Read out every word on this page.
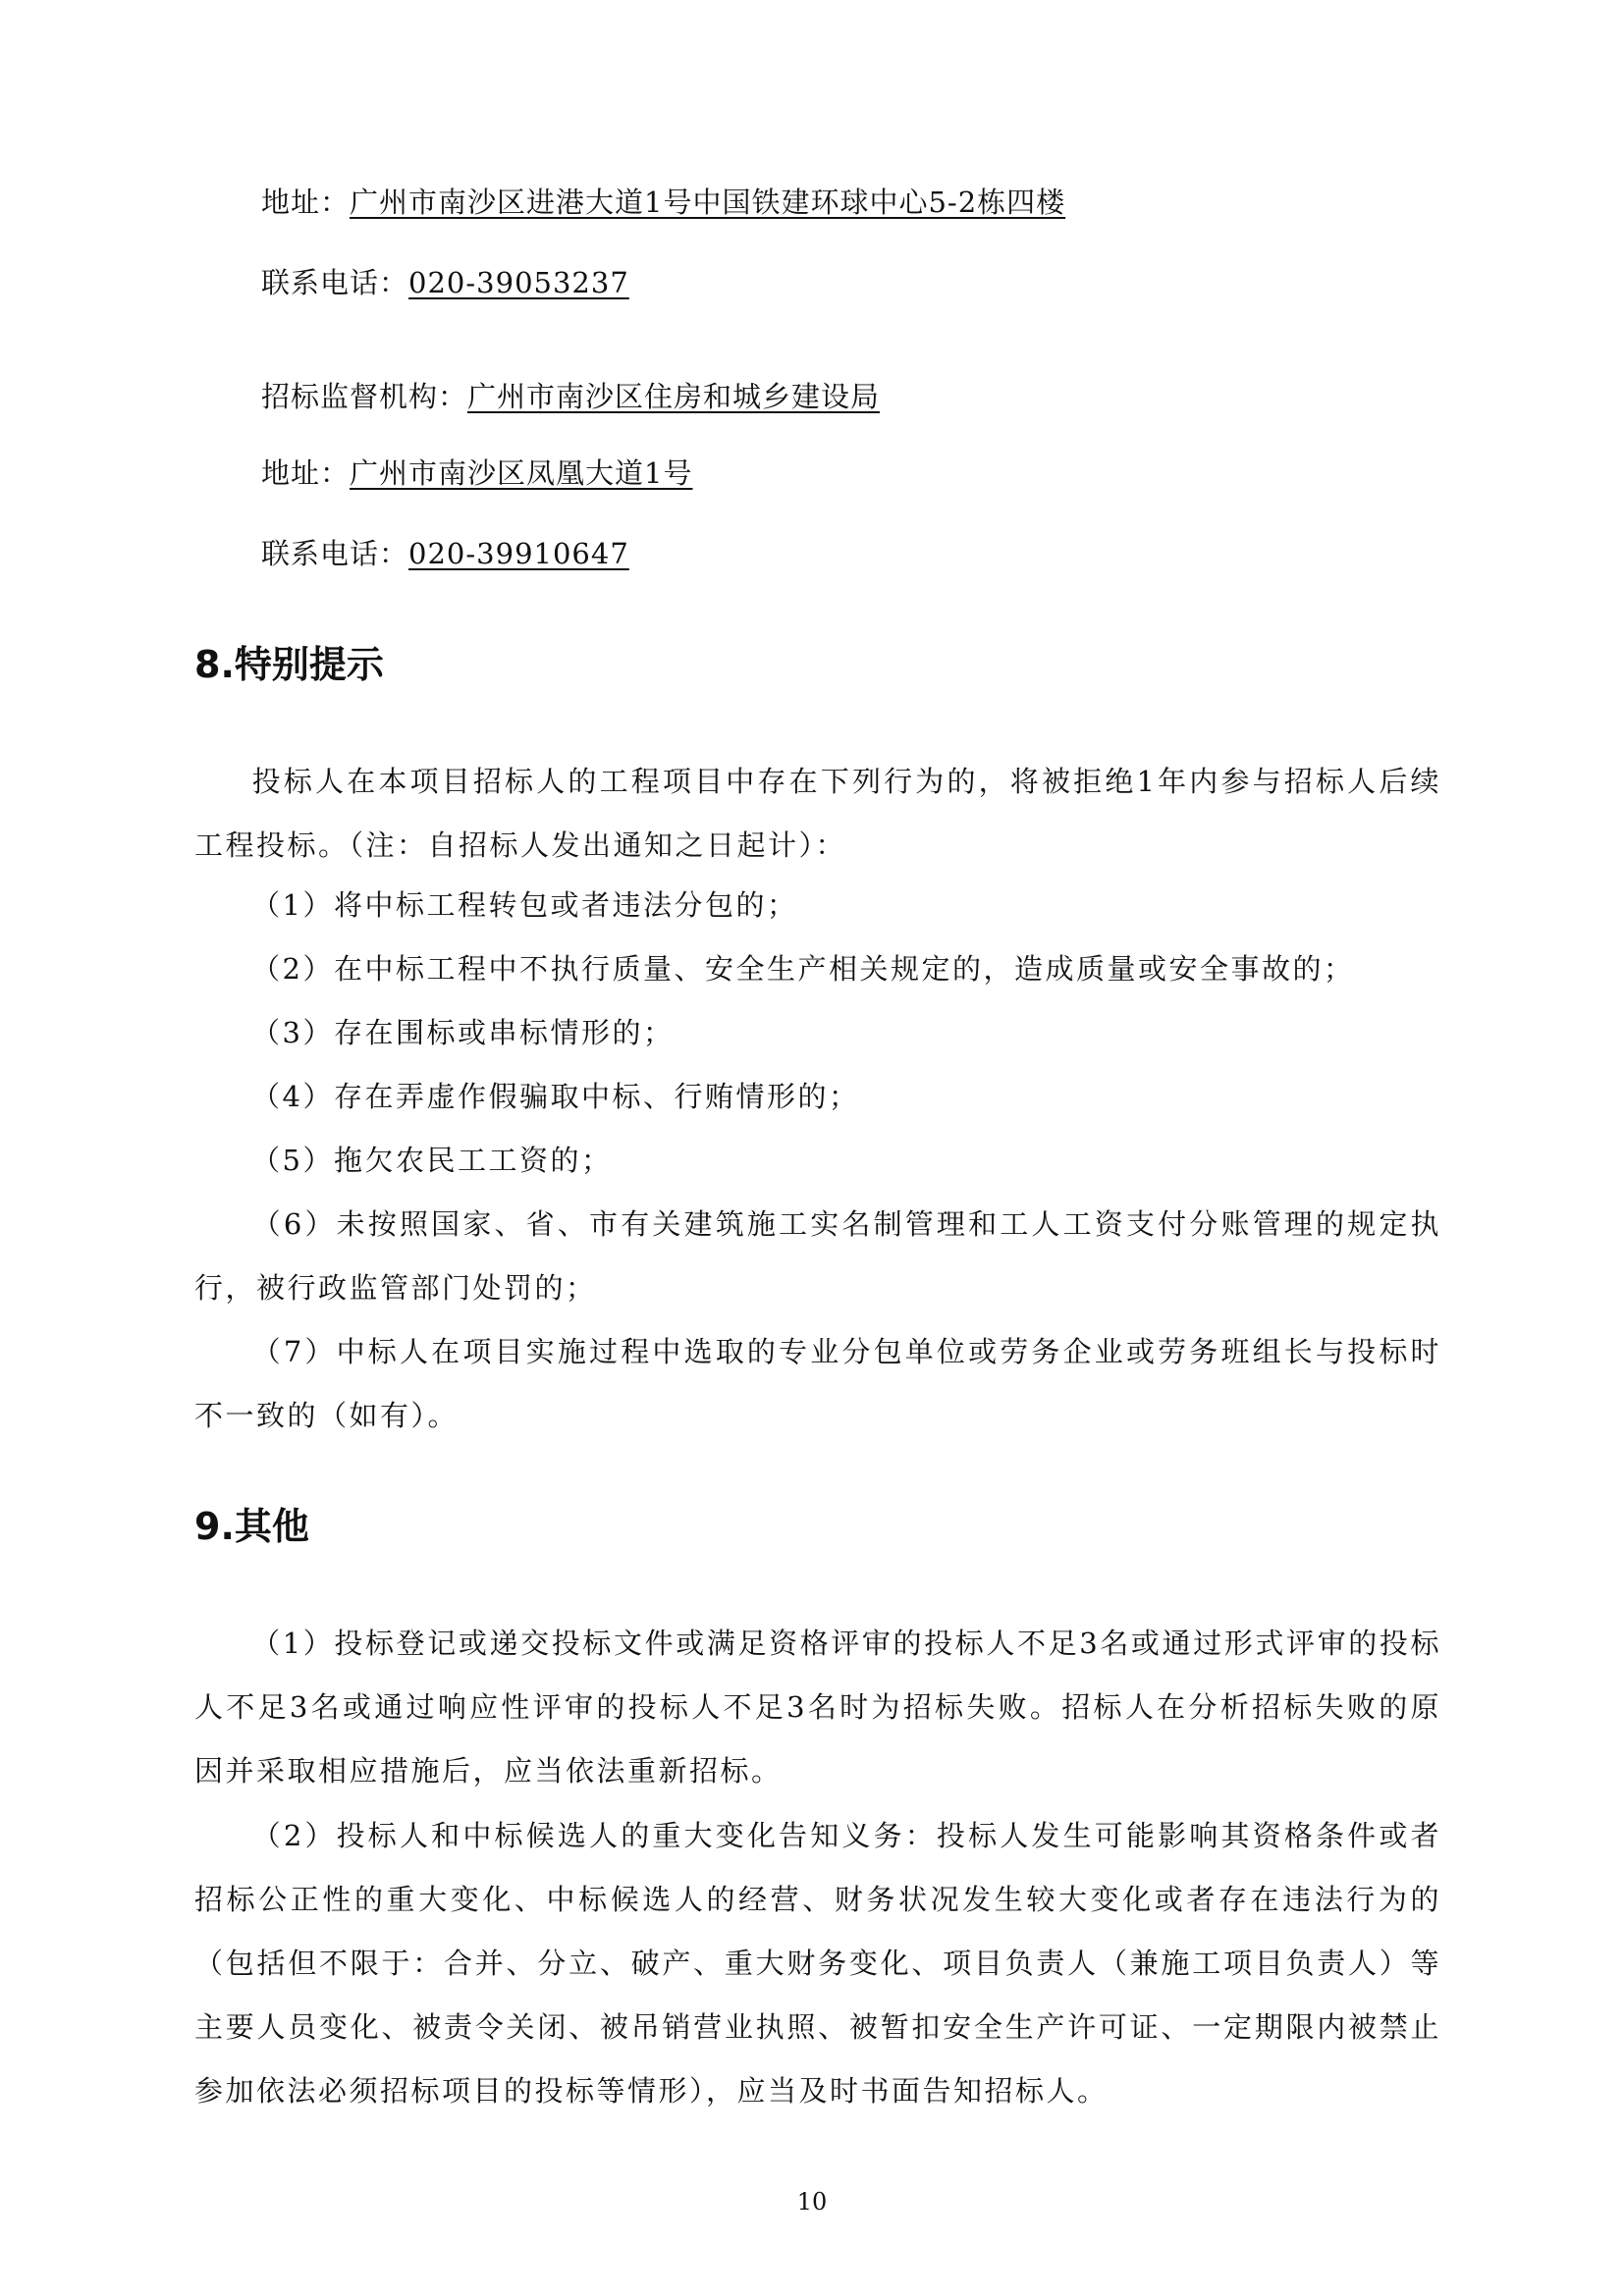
地址：广州市南沙区进港大道1号中国铁建环球中心5-2栋四楼
联系电话：020-39053237
招标监督机构：广州市南沙区住房和城乡建设局
地址：广州市南沙区凤凰大道1号
联系电话：020-39910647
8.特别提示
投标人在本项目招标人的工程项目中存在下列行为的，将被拒绝1年内参与招标人后续工程投标。（注：自招标人发出通知之日起计）：
（1）将中标工程转包或者违法分包的；
（2）在中标工程中不执行质量、安全生产相关规定的，造成质量或安全事故的；
（3）存在围标或串标情形的；
（4）存在弄虚作假骗取中标、行贿情形的；
（5）拖欠农民工工资的；
（6）未按照国家、省、市有关建筑施工实名制管理和工人工资支付分账管理的规定执行，被行政监管部门处罚的；
（7）中标人在项目实施过程中选取的专业分包单位或劳务企业或劳务班组长与投标时不一致的（如有）。
9.其他
（1）投标登记或递交投标文件或满足资格评审的投标人不足3名或通过形式评审的投标人不足3名或通过响应性评审的投标人不足3名时为招标失败。招标人在分析招标失败的原因并采取相应措施后，应当依法重新招标。
（2）投标人和中标候选人的重大变化告知义务：投标人发生可能影响其资格条件或者招标公正性的重大变化、中标候选人的经营、财务状况发生较大变化或者存在违法行为的（包括但不限于：合并、分立、破产、重大财务变化、项目负责人（兼施工项目负责人）等主要人员变化、被责令关闭、被吊销营业执照、被暂扣安全生产许可证、一定期限内被禁止参加依法必须招标项目的投标等情形），应当及时书面告知招标人。
10
